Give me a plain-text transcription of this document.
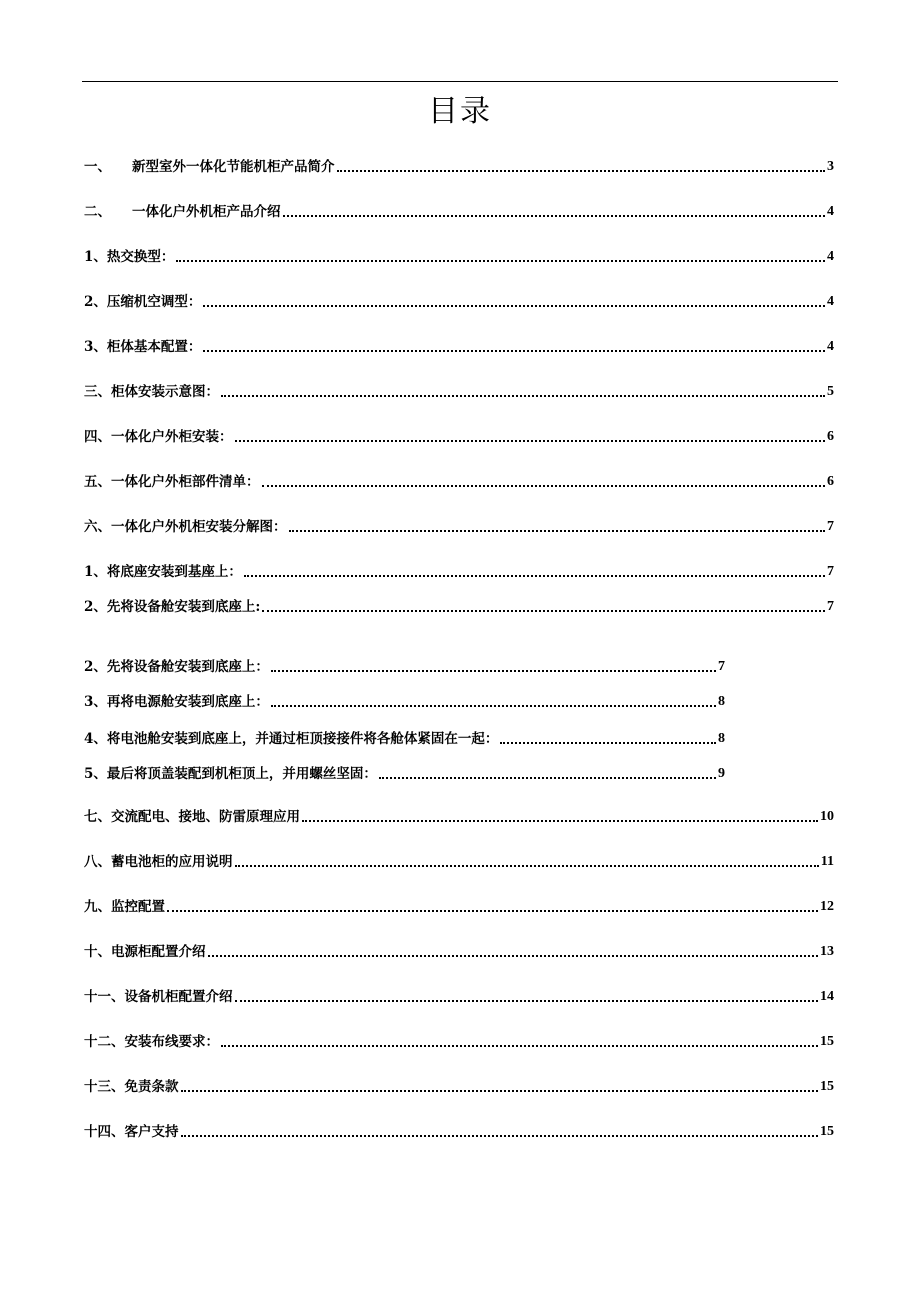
目录
一、	新型室外一体化节能机柜产品简介	3
二、	一体化户外机柜产品介绍	4
1、 热交换型：	4
2、 压缩机空调型：	4
3、 柜体基本配置：	4
三、 柜体安装示意图：	5
四、 一体化户外柜安装：	6
五、 一体化户外柜部件清单：	6
六、 一体化户外机柜安装分解图：	7
1、 将底座安装到基座上：	7
2、 先将设备舱安装到底座上:	7
2、 先将设备舱安装到底座上：	7
3、 再将电源舱安装到底座上：	8
4、 将电池舱安装到底座上，并通过柜顶接接件将各舱体紧固在一起：	8
5、 最后将顶盖装配到机柜顶上，并用螺丝坚固：	9
七、 交流配电、接地、防雷原理应用	10
八、 蓄电池柜的应用说明	11
九、 监控配置	12
十、 电源柜配置介绍	13
十一、 设备机柜配置介绍	14
十二、 安装布线要求：	15
十三、 免责条款	15
十四、 客户支持	15
